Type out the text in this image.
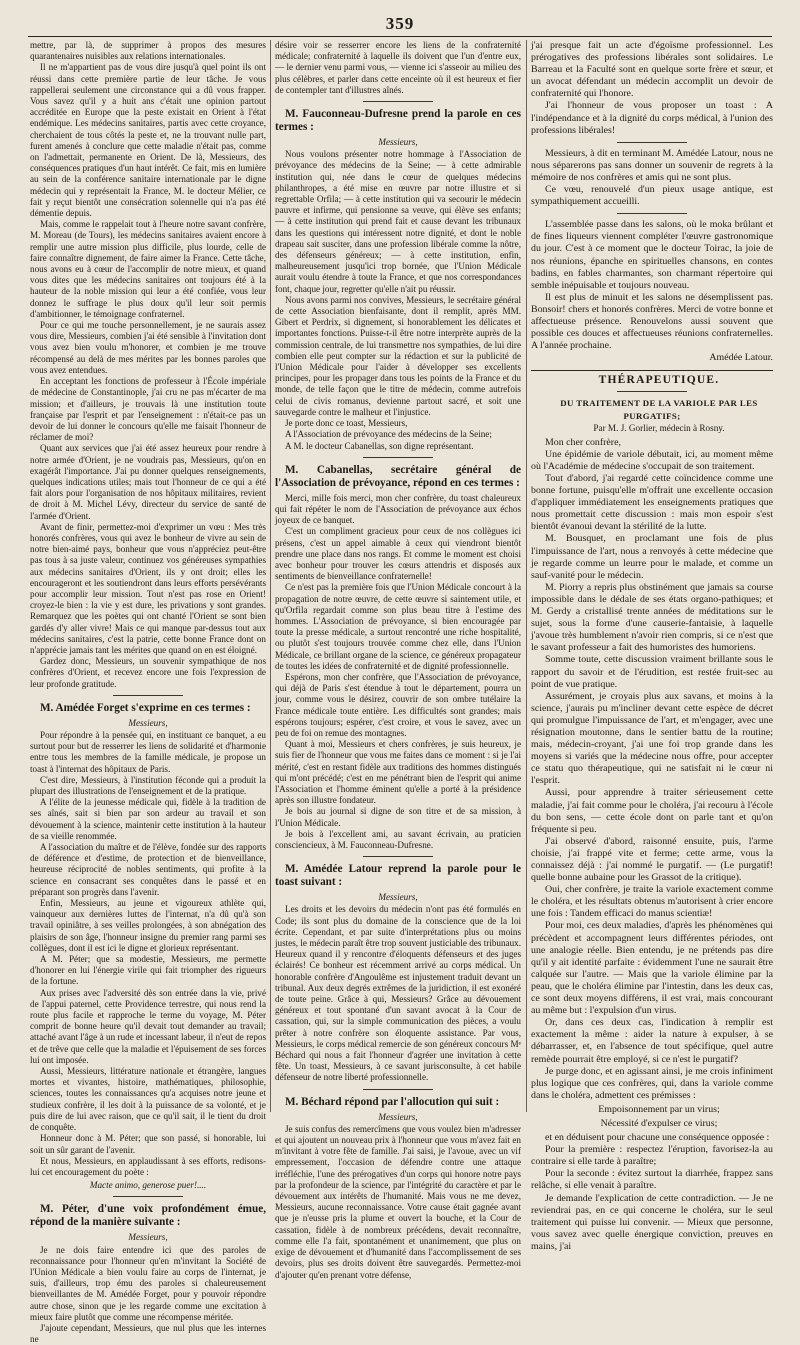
359

mettre, par là, de supprimer à propos des mesures quarantenaires nuisibles aux relations internationales.

Il ne m'appartient pas de vous dire jusqu'à quel point ils ont réussi dans cette première partie de leur tâche. Je vous rappellerai seulement une circonstance qui a dû vous frapper. Vous savez qu'il y a huit ans c'était une opinion partout accréditée en Europe que la peste existait en Orient à l'état endémique. Les médecins sanitaires, partis avec cette croyance, cherchaient de tous côtés la peste et, ne la trouvant nulle part, furent amenés à conclure que cette maladie n'était pas, comme on l'admettait, permanente en Orient. De là, Messieurs, des conséquences pratiques d'un haut intérêt. Ce fait, mis en lumière au sein de la conférence sanitaire internationale par le digne médecin qui y représentait la France, M. le docteur Mélier, ce fait y reçut bientôt une consécration solennelle qui n'a pas été démentie depuis.

Mais, comme le rappelait tout à l'heure notre savant confrère, M. Moreau (de Tours), les médecins sanitaires avaient encore à remplir une autre mission plus difficile, plus lourde, celle de faire connaître dignement, de faire aimer la France. Cette tâche, nous avons eu à cœur de l'accomplir de notre mieux, et quand vous dites que les médecins sanitaires ont toujours été à la hauteur de la noble mission qui leur a été confiée, vous leur donnez le suffrage le plus doux qu'il leur soit permis d'ambitionner, le témoignage confraternel.

Pour ce qui me touche personnellement, je ne saurais assez vous dire, Messieurs, combien j'ai été sensible à l'invitation dont vous avez bien voulu m'honorer, et combien je me trouve récompensé au delà de mes mérites par les bonnes paroles que vous avez entendues.

En acceptant les fonctions de professeur à l'École impériale de médecine de Constantinople, j'ai cru ne pas m'écarter de ma mission; et d'ailleurs, je trouvais là une institution toute française par l'esprit et par l'enseignement : n'était-ce pas un devoir de lui donner le concours qu'elle me faisait l'honneur de réclamer de moi?

Quant aux services que j'ai été assez heureux pour rendre à notre armée d'Orient, je ne voudrais pas, Messieurs, qu'on en exagérât l'importance. J'ai pu donner quelques renseignements, quelques indications utiles; mais tout l'honneur de ce qui a été fait alors pour l'organisation de nos hôpitaux militaires, revient de droit à M. Michel Lévy, directeur du service de santé de l'armée d'Orient.

Avant de finir, permettez-moi d'exprimer un vœu : Mes très honorés confrères, vous qui avez le bonheur de vivre au sein de notre bien-aimé pays, bonheur que vous n'appréciez peut-être pas tous à sa juste valeur, continuez vos généreuses sympathies aux médecins sanitaires d'Orient, ils y ont droit; elles les encourageront et les soutiendront dans leurs efforts persévérants pour accomplir leur mission. Tout n'est pas rose en Orient! croyez-le bien : la vie y est dure, les privations y sont grandes. Remarquez que les poètes qui ont chanté l'Orient se sont bien gardés d'y aller vivre! Mais ce qui manque par-dessus tout aux médecins sanitaires, c'est la patrie, cette bonne France dont on n'apprécie jamais tant les mérites que quand on en est éloigné.

Gardez donc, Messieurs, un souvenir sympathique de nos confrères d'Orient, et recevez encore une fois l'expression de leur profonde gratitude.

M. Amédée Forget s'exprime en ces termes :

Messieurs,

Pour répondre à la pensée qui, en instituant ce banquet, a eu surtout pour but de resserrer les liens de solidarité et d'harmonie entre tous les membres de la famille médicale, je propose un toast à l'internat des hôpitaux de Paris.

C'est dire, Messieurs, à l'institution féconde qui a produit la plupart des illustrations de l'enseignement et de la pratique.

A l'élite de la jeunesse médicale qui, fidèle à la tradition de ses aînés, sait si bien par son ardeur au travail et son dévouement à la science, maintenir cette institution à la hauteur de sa vieille renommée.

A l'association du maître et de l'élève, fondée sur des rapports de déférence et d'estime, de protection et de bienveillance, heureuse réciprocité de nobles sentiments, qui profite à la science en consacrant ses conquêtes dans le passé et en préparant son progrès dans l'avenir.

Enfin, Messieurs, au jeune et vigoureux athlète qui, vainqueur aux dernières luttes de l'internat, n'a dû qu'à son travail opiniâtre, à ses veilles prolongées, à son abnégation des plaisirs de son âge, l'honneur insigne du premier rang parmi ses collègues, dont il est ici le digne et glorieux représentant.

A M. Péter; que sa modestie, Messieurs, me permette d'honorer en lui l'énergie virile qui fait triompher des rigueurs de la fortune.

Aux prises avec l'adversité dès son entrée dans la vie, privé de l'appui paternel, cette Providence terrestre, qui nous rend la route plus facile et rapproche le terme du voyage, M. Péter comprit de bonne heure qu'il devait tout demander au travail; attaché avant l'âge à un rude et incessant labeur, il n'eut de repos et de trêve que celle que la maladie et l'épuisement de ses forces lui ont imposée.

Aussi, Messieurs, littérature nationale et étrangère, langues mortes et vivantes, histoire, mathématiques, philosophie, sciences, toutes les connaissances qu'a acquises notre jeune et studieux confrère, il les doit à la puissance de sa volonté, et je puis dire de lui avec raison, que ce qu'il sait, il le tient du droit de conquête.

Honneur donc à M. Péter; que son passé, si honorable, lui soit un sûr garant de l'avenir.

Et nous, Messieurs, en applaudissant à ses efforts, redisons-lui cet encouragement du poète :

Macte animo, generose puer!....

M. Péter, d'une voix profondément émue, répond de la manière suivante :

Messieurs,

Je ne dois faire entendre ici que des paroles de reconnaissance pour l'honneur qu'en m'invitant la Société de l'Union Médicale a bien voulu faire au corps de l'internat, je suis, d'ailleurs, trop ému des paroles si chaleureusement bienveillantes de M. Amédée Forget, pour y pouvoir répondre autre chose, sinon que je les regarde comme une excitation à mieux faire plutôt que comme une récompense méritée.

J'ajoute cependant, Messieurs, que nul plus que les internes ne

désire voir se resserrer encore les liens de la confraternité médicale; confraternité à laquelle ils doivent que l'un d'entre eux, — le dernier venu parmi vous, — vienne ici s'asseoir au milieu des plus célèbres, et parler dans cette enceinte où il est heureux et fier de contempler tant d'illustres aînés.

M. Fauconneau-Dufresne prend la parole en ces termes :

Messieurs,

Nous voulons présenter notre hommage à l'Association de prévoyance des médecins de la Seine; — à cette admirable institution qui, née dans le cœur de quelques médecins philanthropes, a été mise en œuvre par notre illustre et si regrettable Orfila; — à cette institution qui va secourir le médecin pauvre et infirme, qui pensionne sa veuve, qui élève ses enfants; — à cette institution qui prend fait et cause devant les tribunaux dans les questions qui intéressent notre dignité, et dont le noble drapeau sait susciter, dans une profession libérale comme la nôtre, des défenseurs généreux; — à cette institution, enfin, malheureusement jusqu'ici trop bornée, que l'Union Médicale aurait voulu étendre à toute la France, et que nos correspondances font, chaque jour, regretter qu'elle n'ait pu réussir.

Nous avons parmi nos convives, Messieurs, le secrétaire général de cette Association bienfaisante, dont il remplit, après MM. Gibert et Perdrix, si dignement, si honorablement les délicates et importantes fonctions. Puisse-t-il être notre interprète auprès de la commission centrale, de lui transmettre nos sympathies, de lui dire combien elle peut compter sur la rédaction et sur la publicité de l'Union Médicale pour l'aider à développer ses excellents principes, pour les propager dans tous les points de la France et du monde, de telle façon que le titre de médecin, comme autrefois celui de civis romanus, devienne partout sacré, et soit une sauvegarde contre le malheur et l'injustice.

Je porte donc ce toast, Messieurs,

A l'Association de prévoyance des médecins de la Seine;

A M. le docteur Cabanellas, son digne représentant.

M. Cabanellas, secrétaire général de l'Association de prévoyance, répond en ces termes :

Merci, mille fois merci, mon cher confrère, du toast chaleureux qui fait répéter le nom de l'Association de prévoyance aux échos joyeux de ce banquet.

C'est un compliment gracieux pour ceux de nos collègues ici présens, c'est un appel aimable à ceux qui viendront bientôt prendre une place dans nos rangs. Et comme le moment est choisi avec bonheur pour trouver les cœurs attendris et disposés aux sentiments de bienveillance confraternelle!

Ce n'est pas la première fois que l'Union Médicale concourt à la propagation de notre œuvre, de cette œuvre si saintement utile, et qu'Orfila regardait comme son plus beau titre à l'estime des hommes. L'Association de prévoyance, si bien encouragée par toute la presse médicale, a surtout rencontré une riche hospitalité, ou plutôt s'est toujours trouvée comme chez elle, dans l'Union Médicale, ce brillant organe de la science, ce généreux propagateur de toutes les idées de confraternité et de dignité professionnelle.

Espérons, mon cher confrère, que l'Association de prévoyance, qui déjà de Paris s'est étendue à tout le département, pourra un jour, comme vous le désirez, couvrir de son ombre tutélaire la France médicale toute entière. Les difficultés sont grandes; mais espérons toujours; espérer, c'est croire, et vous le savez, avec un peu de foi on remue des montagnes.

Quant à moi, Messieurs et chers confrères, je suis heureux, je suis fier de l'honneur que vous me faites dans ce moment : si je l'ai mérité, c'est en restant fidèle aux traditions des hommes distingués qui m'ont précédé; c'est en me pénétrant bien de l'esprit qui anime l'Association et l'homme éminent qu'elle a porté à la présidence après son illustre fondateur.

Je bois au journal si digne de son titre et de sa mission, à l'Union Médicale.

Je bois à l'excellent ami, au savant écrivain, au praticien consciencieux, à M. Fauconneau-Dufresne.

M. Amédée Latour reprend la parole pour le toast suivant :

Messieurs,

Les droits et les devoirs du médecin n'ont pas été formulés en Code; ils sont plus du domaine de la conscience que de la loi écrite. Cependant, et par suite d'interprétations plus ou moins justes, le médecin paraît être trop souvent justiciable des tribunaux. Heureux quand il y rencontre d'éloquents défenseurs et des juges éclairés! Ce bonheur est récemment arrivé au corps médical. Un honorable confrère d'Angoulême est injustement traduit devant un tribunal. Aux deux degrés extrêmes de la juridiction, il est exonéré de toute peine. Grâce à qui, Messieurs? Grâce au dévouement généreux et tout spontané d'un savant avocat à la Cour de cassation, qui, sur la simple communication des pièces, a voulu prêter à notre confrère son éloquente assistance. Par vous, Messieurs, le corps médical remercie de son généreux concours Mᵉ Béchard qui nous a fait l'honneur d'agréer une invitation à cette fête. Un toast, Messieurs, à ce savant jurisconsulte, à cet habile défenseur de notre liberté professionnelle.

M. Béchard répond par l'allocution qui suit :

Messieurs,

Je suis confus des remercîmens que vous voulez bien m'adresser et qui ajoutent un nouveau prix à l'honneur que vous m'avez fait en m'invitant à votre fête de famille. J'ai saisi, je l'avoue, avec un vif empressement, l'occasion de défendre contre une attaque irréfléchie, l'une des prérogatives d'un corps qui honore notre pays par la profondeur de la science, par l'intégrité du caractère et par le dévouement aux intérêts de l'humanité. Mais vous ne me devez, Messieurs, aucune reconnaissance. Votre cause était gagnée avant que je n'eusse pris la plume et ouvert la bouche, et la Cour de cassation, fidèle à de nombreux précédens, devait reconnaître, comme elle l'a fait, spontanément et unanimement, que plus on exige de dévouement et d'humanité dans l'accomplissement de ses devoirs, plus ses droits doivent être sauvegardés. Permettez-moi d'ajouter qu'en prenant votre défense,

j'ai presque fait un acte d'égoïsme professionnel. Les prérogatives des professions libérales sont solidaires. Le Barreau et la Faculté sont en quelque sorte frère et sœur, et un avocat défendant un médecin accomplit un devoir de confraternité qui l'honore.

J'ai l'honneur de vous proposer un toast : A l'indépendance et à la dignité du corps médical, à l'union des professions libérales!

Messieurs, à dit en terminant M. Amédée Latour, nous ne nous séparerons pas sans donner un souvenir de regrets à la mémoire de nos confrères et amis qui ne sont plus.

Ce vœu, renouvelé d'un pieux usage antique, est sympathiquement accueilli.

L'assemblée passe dans les salons, où le moka brûlant et de fines liqueurs viennent compléter l'œuvre gastronomique du jour. C'est à ce moment que le docteur Toirac, la joie de nos réunions, épanche en spirituelles chansons, en contes badins, en fables charmantes, son charmant répertoire qui semble inépuisable et toujours nouveau.

Il est plus de minuit et les salons ne désemplissent pas. Bonsoir! chers et honorés confrères. Merci de votre bonne et affectueuse présence. Renouvelons aussi souvent que possible ces douces et affectueuses réunions confraternelles. A l'année prochaine.

Amédée Latour.

THÉRAPEUTIQUE.

DU TRAITEMENT DE LA VARIOLE PAR LES PURGATIFS;

Par M. J. Gorlier, médecin à Rosny.

Mon cher confrère,

Une épidémie de variole débutait, ici, au moment même où l'Académie de médecine s'occupait de son traitement.

Tout d'abord, j'ai regardé cette coïncidence comme une bonne fortune, puisqu'elle m'offrait une excellente occasion d'appliquer immédiatement les enseignements pratiques que nous promettait cette discussion : mais mon espoir s'est bientôt évanoui devant la stérilité de la lutte.

M. Bousquet, en proclamant une fois de plus l'impuissance de l'art, nous a renvoyés à cette médecine que je regarde comme un leurre pour le malade, et comme un sauf-vanité pour le médecin.

M. Piorry a repris plus obstinément que jamais sa course impossible dans le dédale de ses états organo-pathiques; et M. Gerdy a cristallisé trente années de méditations sur le sujet, sous la forme d'une causerie-fantaisie, à laquelle j'avoue très humblement n'avoir rien compris, si ce n'est que le savant professeur a fait des humoristes des humoriens.

Somme toute, cette discussion vraiment brillante sous le rapport du savoir et de l'érudition, est restée fruit-sec au point de vue pratique.

Assurément, je croyais plus aux savans, et moins à la science, j'aurais pu m'incliner devant cette espèce de décret qui promulgue l'impuissance de l'art, et m'engager, avec une résignation moutonne, dans le sentier battu de la routine; mais, médecin-croyant, j'ai une foi trop grande dans les moyens si variés que la médecine nous offre, pour accepter ce statu quo thérapeutique, qui ne satisfait ni le cœur ni l'esprit.

Aussi, pour apprendre à traiter sérieusement cette maladie, j'ai fait comme pour le choléra, j'ai recouru à l'école du bon sens, — cette école dont on parle tant et qu'on fréquente si peu.

J'ai observé d'abord, raisonné ensuite, puis, l'arme choisie, j'ai frappé vite et ferme; cette arme, vous la connaissez déjà : j'ai nommé le purgatif. — (Le purgatif! quelle bonne aubaine pour les Grassot de la critique).

Oui, cher confrère, je traite la variole exactement comme le choléra, et les résultats obtenus m'autorisent à crier encore une fois : Tandem efficaci do manus scientiæ!

Pour moi, ces deux maladies, d'après les phénomènes qui précèdent et accompagnent leurs différentes périodes, ont une analogie réelle. Bien entendu, je ne prétends pas dire qu'il y ait identité parfaite : évidemment l'une ne saurait être calquée sur l'autre. — Mais que la variole élimine par la peau, que le choléra élimine par l'intestin, dans les deux cas, ce sont deux moyens différens, il est vrai, mais concourant au même but : l'expulsion d'un virus.

Or, dans ces deux cas, l'indication à remplir est exactement la même : aider la nature à expulser, à se débarrasser, et, en l'absence de tout spécifique, quel autre remède pourrait être employé, si ce n'est le purgatif?

Je purge donc, et en agissant ainsi, je me crois infiniment plus logique que ces confrères, qui, dans la variole comme dans le choléra, admettent ces prémisses :

Empoisonnement par un virus;

Nécessité d'expulser ce virus;

et en déduisent pour chacune une conséquence opposée :

Pour la première : respectez l'éruption, favorisez-la au contraire si elle tarde à paraître;

Pour la seconde : évitez surtout la diarrhée, frappez sans relâche, si elle venait à paraître.

Je demande l'explication de cette contradiction. — Je ne reviendrai pas, en ce qui concerne le choléra, sur le seul traitement qui puisse lui convenir. — Mieux que personne, vous savez avec quelle énergique conviction, preuves en mains, j'ai
